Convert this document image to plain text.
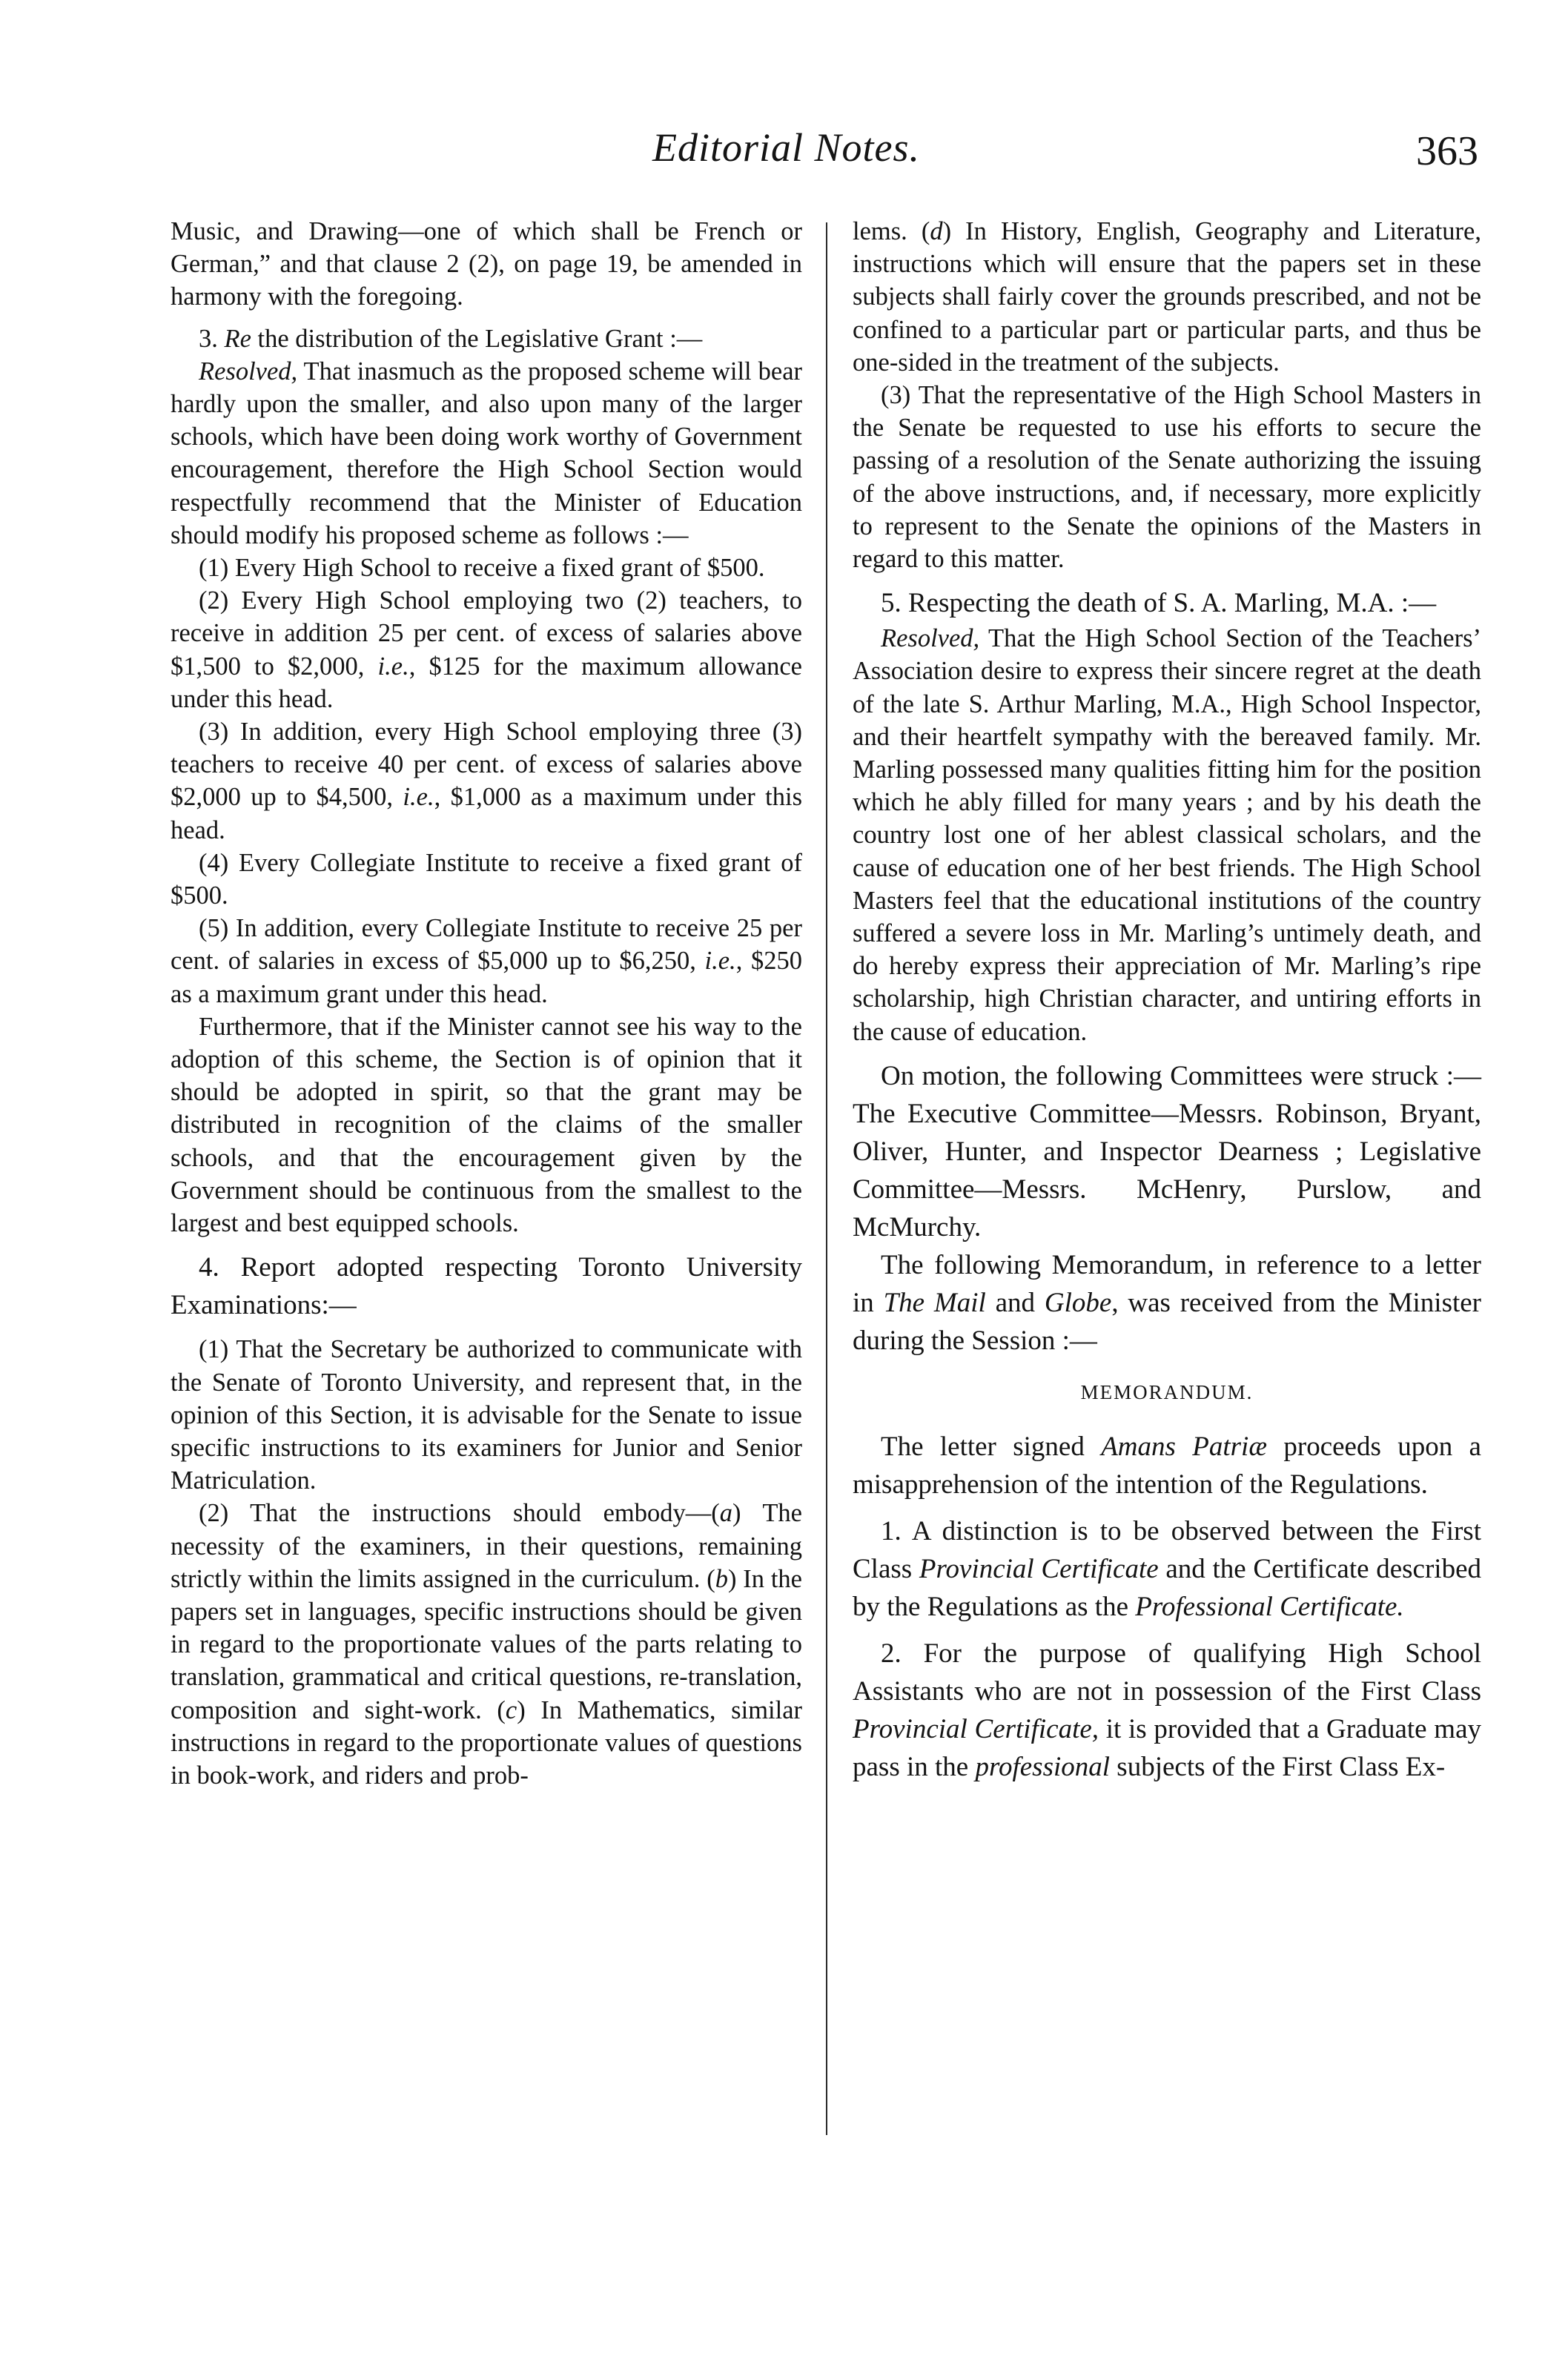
Editorial Notes.	363

Music, and Drawing—one of which shall be French or German,” and that clause 2 (2), on page 19, be amended in harmony with the foregoing.

3. Re the distribution of the Legislative Grant :—

Resolved, That inasmuch as the proposed scheme will bear hardly upon the smaller, and also upon many of the larger schools, which have been doing work worthy of Government encouragement, therefore the High School Section would respectfully recommend that the Minister of Education should modify his proposed scheme as follows :—

(1) Every High School to receive a fixed grant of $500.

(2) Every High School employing two (2) teachers, to receive in addition 25 per cent. of excess of salaries above $1,500 to $2,000, i.e., $125 for the maximum allowance under this head.

(3) In addition, every High School employing three (3) teachers to receive 40 per cent. of excess of salaries above $2,000 up to $4,500, i.e., $1,000 as a maximum under this head.

(4) Every Collegiate Institute to receive a fixed grant of $500.

(5) In addition, every Collegiate Institute to receive 25 per cent. of salaries in excess of $5,000 up to $6,250, i.e., $250 as a maximum grant under this head.

Furthermore, that if the Minister cannot see his way to the adoption of this scheme, the Section is of opinion that it should be adopted in spirit, so that the grant may be distributed in recognition of the claims of the smaller schools, and that the encouragement given by the Government should be continuous from the smallest to the largest and best equipped schools.

4. Report adopted respecting Toronto University Examinations:—

(1) That the Secretary be authorized to communicate with the Senate of Toronto University, and represent that, in the opinion of this Section, it is advisable for the Senate to issue specific instructions to its examiners for Junior and Senior Matriculation.

(2) That the instructions should embody—(a) The necessity of the examiners, in their questions, remaining strictly within the limits assigned in the curriculum. (b) In the papers set in languages, specific instructions should be given in regard to the proportionate values of the parts relating to translation, grammatical and critical questions, re-translation, composition and sight-work. (c) In Mathematics, similar instructions in regard to the proportionate values of questions in book-work, and riders and prob-

lems. (d) In History, English, Geography and Literature, instructions which will ensure that the papers set in these subjects shall fairly cover the grounds prescribed, and not be confined to a particular part or particular parts, and thus be one-sided in the treatment of the subjects.

(3) That the representative of the High School Masters in the Senate be requested to use his efforts to secure the passing of a resolution of the Senate authorizing the issuing of the above instructions, and, if necessary, more explicitly to represent to the Senate the opinions of the Masters in regard to this matter.

5. Respecting the death of S. A. Marling, M.A. :—

Resolved, That the High School Section of the Teachers’ Association desire to express their sincere regret at the death of the late S. Arthur Marling, M.A., High School Inspector, and their heartfelt sympathy with the bereaved family. Mr. Marling possessed many qualities fitting him for the position which he ably filled for many years ; and by his death the country lost one of her ablest classical scholars, and the cause of education one of her best friends. The High School Masters feel that the educational institutions of the country suffered a severe loss in Mr. Marling’s untimely death, and do hereby express their appreciation of Mr. Marling’s ripe scholarship, high Christian character, and untiring efforts in the cause of education.

On motion, the following Committees were struck :—The Executive Committee—Messrs. Robinson, Bryant, Oliver, Hunter, and Inspector Dearness ; Legislative Committee—Messrs. McHenry, Purslow, and McMurchy.

The following Memorandum, in reference to a letter in The Mail and Globe, was received from the Minister during the Session :—

MEMORANDUM.

The letter signed Amans Patriæ proceeds upon a misapprehension of the intention of the Regulations.

1. A distinction is to be observed between the First Class Provincial Certificate and the Certificate described by the Regulations as the Professional Certificate.

2. For the purpose of qualifying High School Assistants who are not in possession of the First Class Provincial Certificate, it is provided that a Graduate may pass in the professional subjects of the First Class Ex-
